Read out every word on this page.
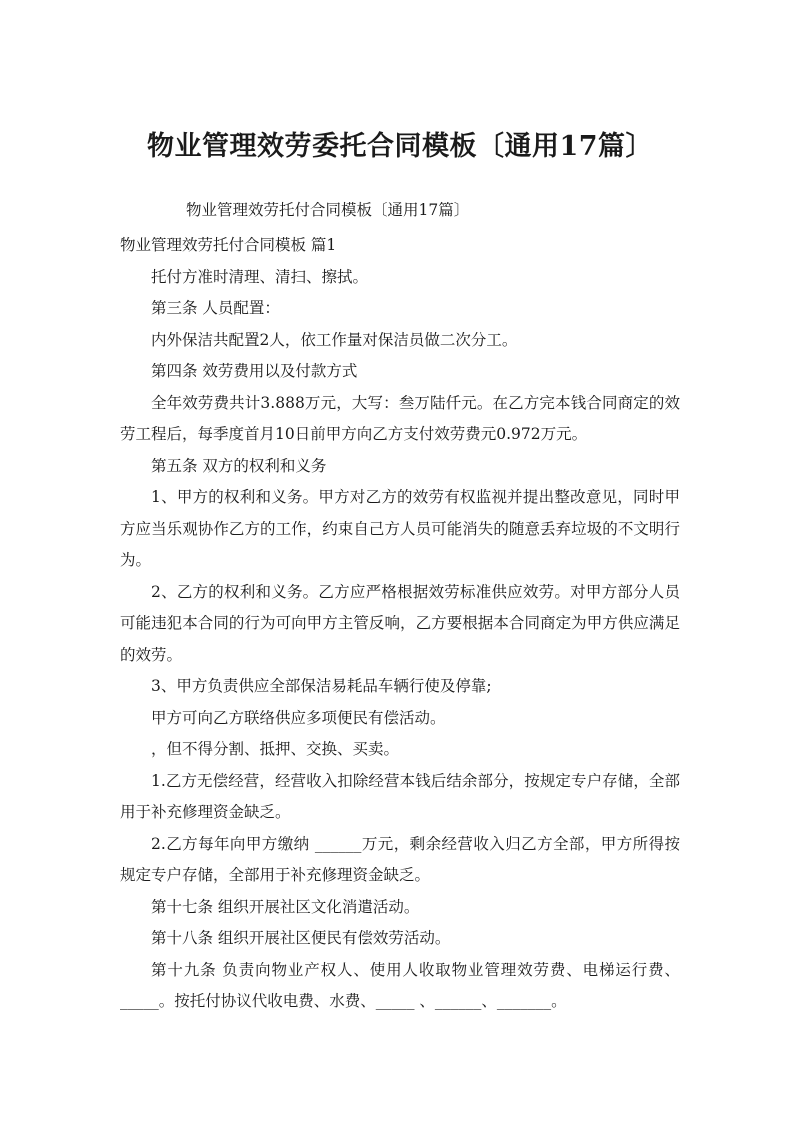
物业管理效劳委托合同模板〔通用17篇〕
物业管理效劳托付合同模板〔通用17篇〕

物业管理效劳托付合同模板 篇1

托付方准时清理、清扫、擦拭。

第三条 人员配置：

内外保洁共配置2人，依工作量对保洁员做二次分工。

第四条 效劳费用以及付款方式

全年效劳费共计3.888万元，大写：叁万陆仟元。在乙方完本钱合同商定的效劳工程后，每季度首月10日前甲方向乙方支付效劳费元0.972万元。

第五条 双方的权利和义务

1、甲方的权利和义务。甲方对乙方的效劳有权监视并提出整改意见，同时甲方应当乐观协作乙方的工作，约束自己方人员可能消失的随意丢弃垃圾的不文明行为。

2、乙方的权利和义务。乙方应严格根据效劳标准供应效劳。对甲方部分人员可能违犯本合同的行为可向甲方主管反响，乙方要根据本合同商定为甲方供应满足的效劳。

3、甲方负责供应全部保洁易耗品车辆行使及停靠;

甲方可向乙方联络供应多项便民有偿活动。

，但不得分割、抵押、交换、买卖。

1.乙方无偿经营，经营收入扣除经营本钱后结余部分，按规定专户存储，全部用于补充修理资金缺乏。

2.乙方每年向甲方缴纳 ______万元，剩余经营收入归乙方全部，甲方所得按规定专户存储，全部用于补充修理资金缺乏。

第十七条 组织开展社区文化消遣活动。

第十八条 组织开展社区便民有偿效劳活动。

第十九条 负责向物业产权人、使用人收取物业管理效劳费、电梯运行费、_____。按托付协议代收电费、水费、_____ 、______、_______。
